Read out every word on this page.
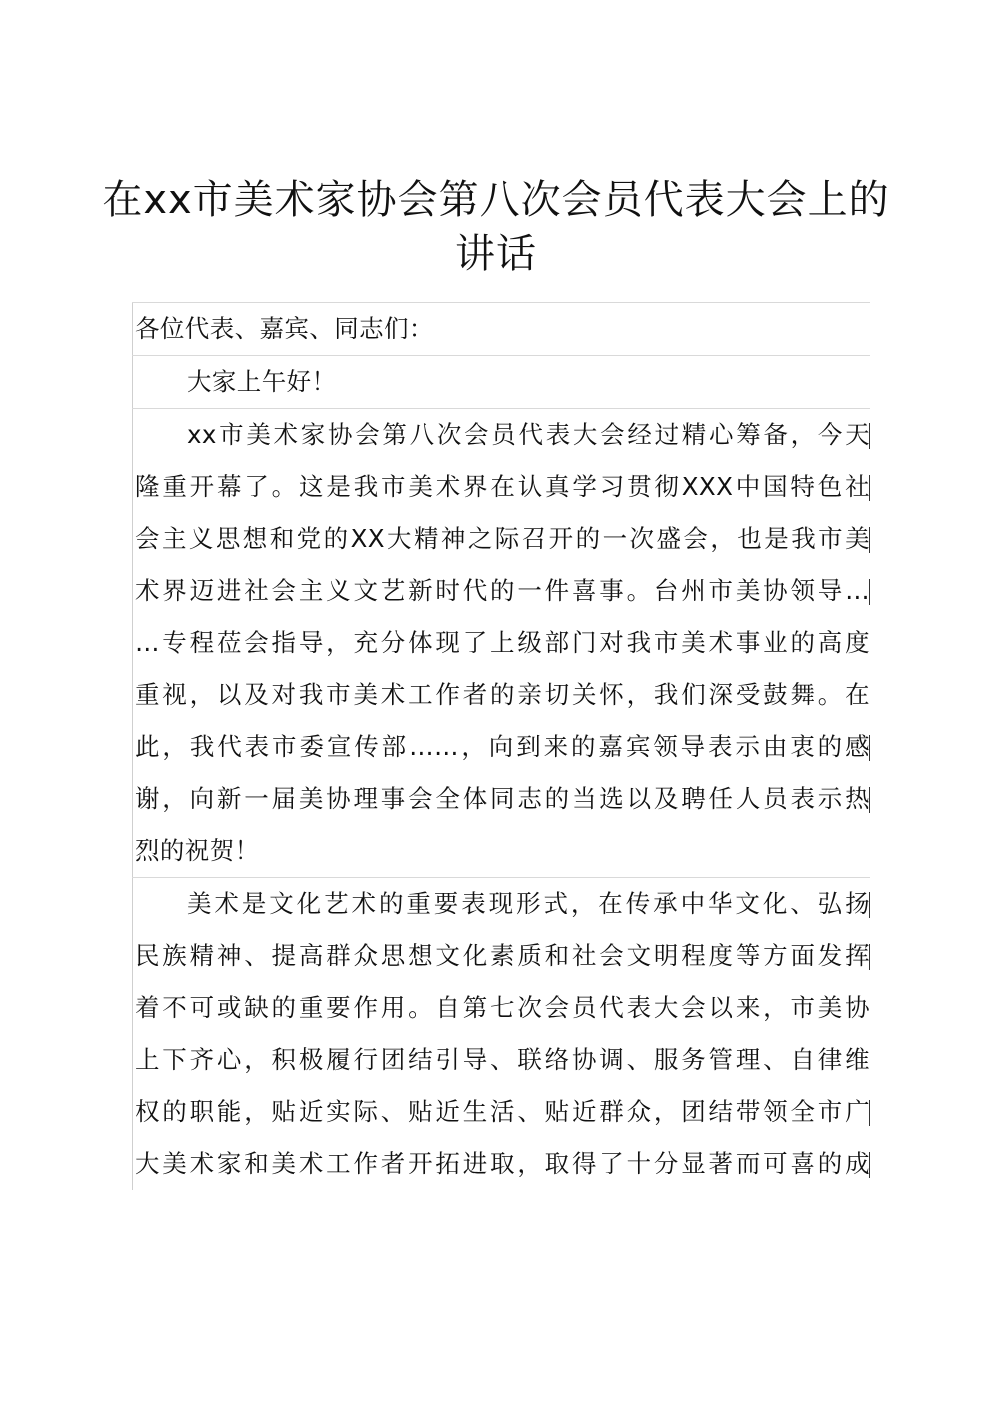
在xx市美术家协会第八次会员代表大会上的
讲话
各位代表、嘉宾、同志们：
大家上午好！
xx市美术家协会第八次会员代表大会经过精心筹备，今天
隆重开幕了。这是我市美术界在认真学习贯彻XXX中国特色社
会主义思想和党的XX大精神之际召开的一次盛会，也是我市美
术界迈进社会主义文艺新时代的一件喜事。台州市美协领导…
…专程莅会指导，充分体现了上级部门对我市美术事业的高度
重视，以及对我市美术工作者的亲切关怀，我们深受鼓舞。在
此，我代表市委宣传部……，向到来的嘉宾领导表示由衷的感
谢，向新一届美协理事会全体同志的当选以及聘任人员表示热
烈的祝贺！
美术是文化艺术的重要表现形式，在传承中华文化、弘扬
民族精神、提高群众思想文化素质和社会文明程度等方面发挥
着不可或缺的重要作用。自第七次会员代表大会以来，市美协
上下齐心，积极履行团结引导、联络协调、服务管理、自律维
权的职能，贴近实际、贴近生活、贴近群众，团结带领全市广
大美术家和美术工作者开拓进取，取得了十分显著而可喜的成
